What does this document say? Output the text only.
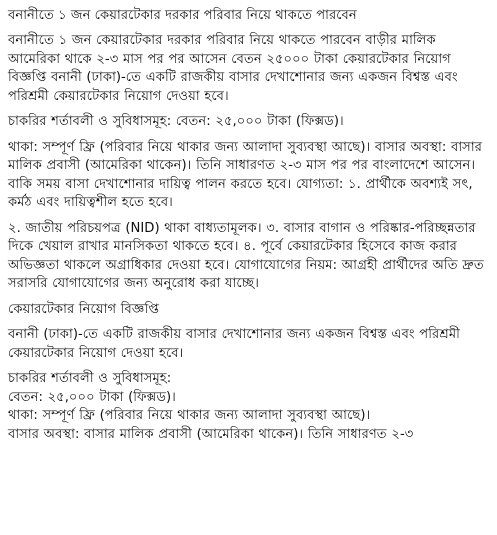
বনানীতে ১ জন কেয়ারটেকার দরকার পরিবার নিয়ে থাকতে পারবেন
বনানীতে ১ জন কেয়ারটেকার দরকার পরিবার নিয়ে থাকতে পারবেন বাড়ীর মালিক আমেরিকা থাকে ২-৩ মাস পর পর আসেন বেতন ২৫০০০ টাকা কেয়ারটেকার নিয়োগ বিজ্ঞপ্তি বনানী (ঢাকা)-তে একটি রাজকীয় বাসার দেখাশোনার জন্য একজন বিশ্বস্ত এবং পরিশ্রমী কেয়ারটেকার নিয়োগ দেওয়া হবে।
চাকরির শর্তাবলী ও সুবিধাসমূহ: বেতন: ২৫,০০০ টাকা (ফিক্সড)।
থাকা: সম্পূর্ণ ফ্রি (পরিবার নিয়ে থাকার জন্য আলাদা সুব্যবস্থা আছে)। বাসার অবস্থা: বাসার মালিক প্রবাসী (আমেরিকা থাকেন)। তিনি সাধারণত ২-৩ মাস পর পর বাংলাদেশে আসেন। বাকি সময় বাসা দেখাশোনার দায়িত্ব পালন করতে হবে। যোগ্যতা: ১. প্রার্থীকে অবশ্যই সৎ, কর্মঠ এবং দায়িত্বশীল হতে হবে।
২. জাতীয় পরিচয়পত্র (NID) থাকা বাধ্যতামূলক। ৩. বাসার বাগান ও পরিষ্কার-পরিচ্ছন্নতার দিকে খেয়াল রাখার মানসিকতা থাকতে হবে। ৪. পূর্বে কেয়ারটেকার হিসেবে কাজ করার অভিজ্ঞতা থাকলে অগ্রাধিকার দেওয়া হবে। যোগাযোগের নিয়ম: আগ্রহী প্রার্থীদের অতি দ্রুত সরাসরি যোগাযোগের জন্য অনুরোধ করা যাচ্ছে।
কেয়ারটেকার নিয়োগ বিজ্ঞপ্তি
বনানী (ঢাকা)-তে একটি রাজকীয় বাসার দেখাশোনার জন্য একজন বিশ্বস্ত এবং পরিশ্রমী কেয়ারটেকার নিয়োগ দেওয়া হবে।
চাকরির শর্তাবলী ও সুবিধাসমূহ:
বেতন: ২৫,০০০ টাকা (ফিক্সড)।
থাকা: সম্পূর্ণ ফ্রি (পরিবার নিয়ে থাকার জন্য আলাদা সুব্যবস্থা আছে)।
বাসার অবস্থা: বাসার মালিক প্রবাসী (আমেরিকা থাকেন)। তিনি সাধারণত ২-৩
